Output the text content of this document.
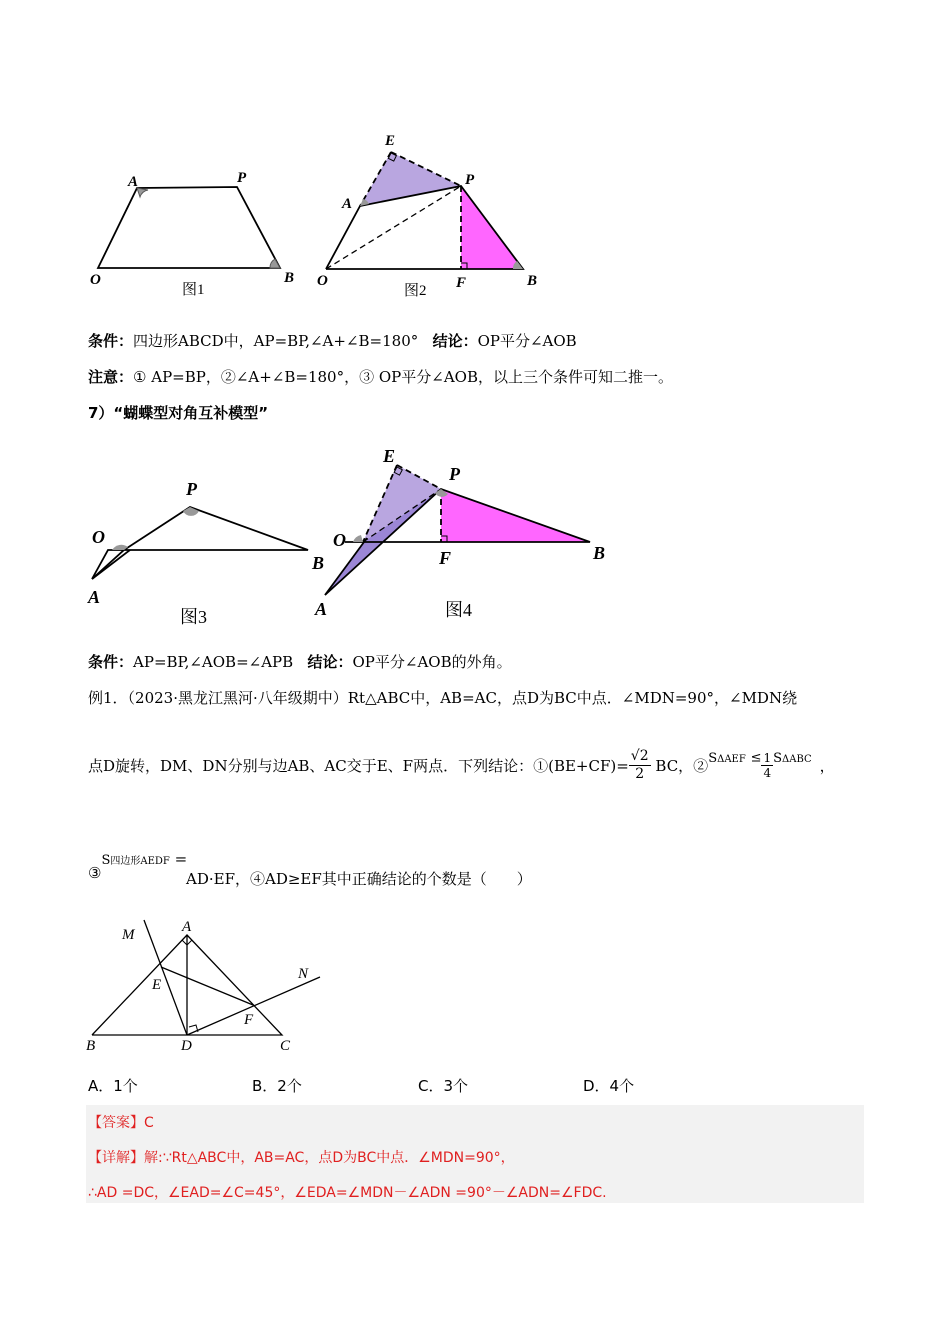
A	P
O	B
图1
E
A
P
O	F	B
图2
条件：四边形ABCD中，AP=BP,∠A+∠B=180° 结论：OP平分∠AOB
注意：① AP=BP，②∠A+∠B=180°，③ OP平分∠AOB，以上三个条件可知二推一。
7）“蝴蝶型对角互补模型”
P
O
B
A
图3
E
P
O
F	B
A	图4
条件：AP=BP,∠AOB=∠APB 结论：OP平分∠AOB的外角。
例1．（2023·黑龙江黑河·八年级期中）Rt△ABC中，AB=AC，点D为BC中点．∠MDN=90°，∠MDN绕
点D旋转，DM、DN分别与边AB、AC交于E、F两点．下列结论：①(BE+CF)= $\frac{√2}{2}$ BC，②SΔAEF ≤ $\frac{1}{4}$ SΔABC ，
③S四边形AEDF =
AD·EF，④AD≥EF其中正确结论的个数是（　　）
M	A
N
E
F
B	D	C
A．1个	B．2个	C．3个	D．4个
【答案】C
【详解】解:∵Rt△ABC中，AB=AC，点D为BC中点．∠MDN=90°，
∴AD =DC，∠EAD=∠C=45°，∠EDA=∠MDN－∠ADN =90°－∠ADN=∠FDC.
